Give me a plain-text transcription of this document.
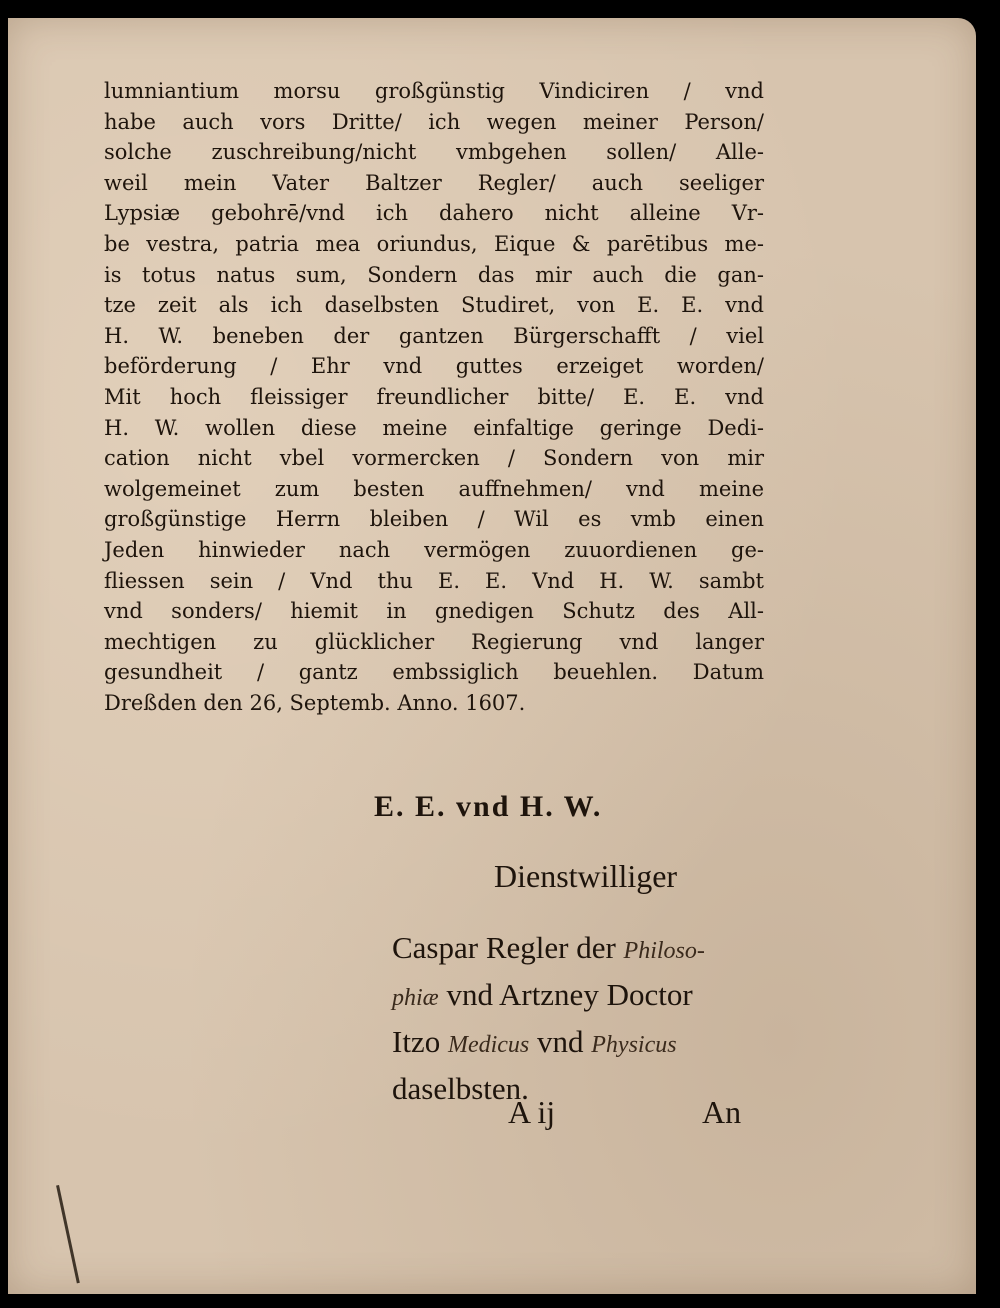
lumniantium morsu großgünstig Vindiciren / vnd
habe auch vors Dritte/ ich wegen meiner Person/
solche zuschreibung/nicht vmbgehen sollen/ Alle-
weil mein Vater Baltzer Regler/ auch seeliger
Lypsiæ gebohrē/vnd ich dahero nicht alleine Vr-
be vestra, patria mea oriundus, Eique & parētibus me-
is totus natus sum, Sondern das mir auch die gan-
tze zeit als ich daselbsten Studiret, von E. E. vnd
H. W. beneben der gantzen Bürgerschafft / viel
beförderung / Ehr vnd guttes erzeiget worden/
Mit hoch fleissiger freundlicher bitte/ E. E. vnd
H. W. wollen diese meine einfaltige geringe Dedi-
cation nicht vbel vormercken / Sondern von mir
wolgemeinet zum besten auffnehmen/ vnd meine
großgünstige Herrn bleiben / Wil es vmb einen
Jeden hinwieder nach vermögen zuuordienen ge-
fliessen sein / Vnd thu E. E. Vnd H. W. sambt
vnd sonders/ hiemit in gnedigen Schutz des All-
mechtigen zu glücklicher Regierung vnd langer
gesundheit / gantz embssiglich beuehlen. Datum
Dreßden den 26, Septemb. Anno. 1607.
E. E. vnd H. W.
Dienstwilliger
Caspar Regler der Philoso-
phiæ vnd Artzney Doctor
Itzo Medicus vnd Physicus
daselbsten.
A ij	An
